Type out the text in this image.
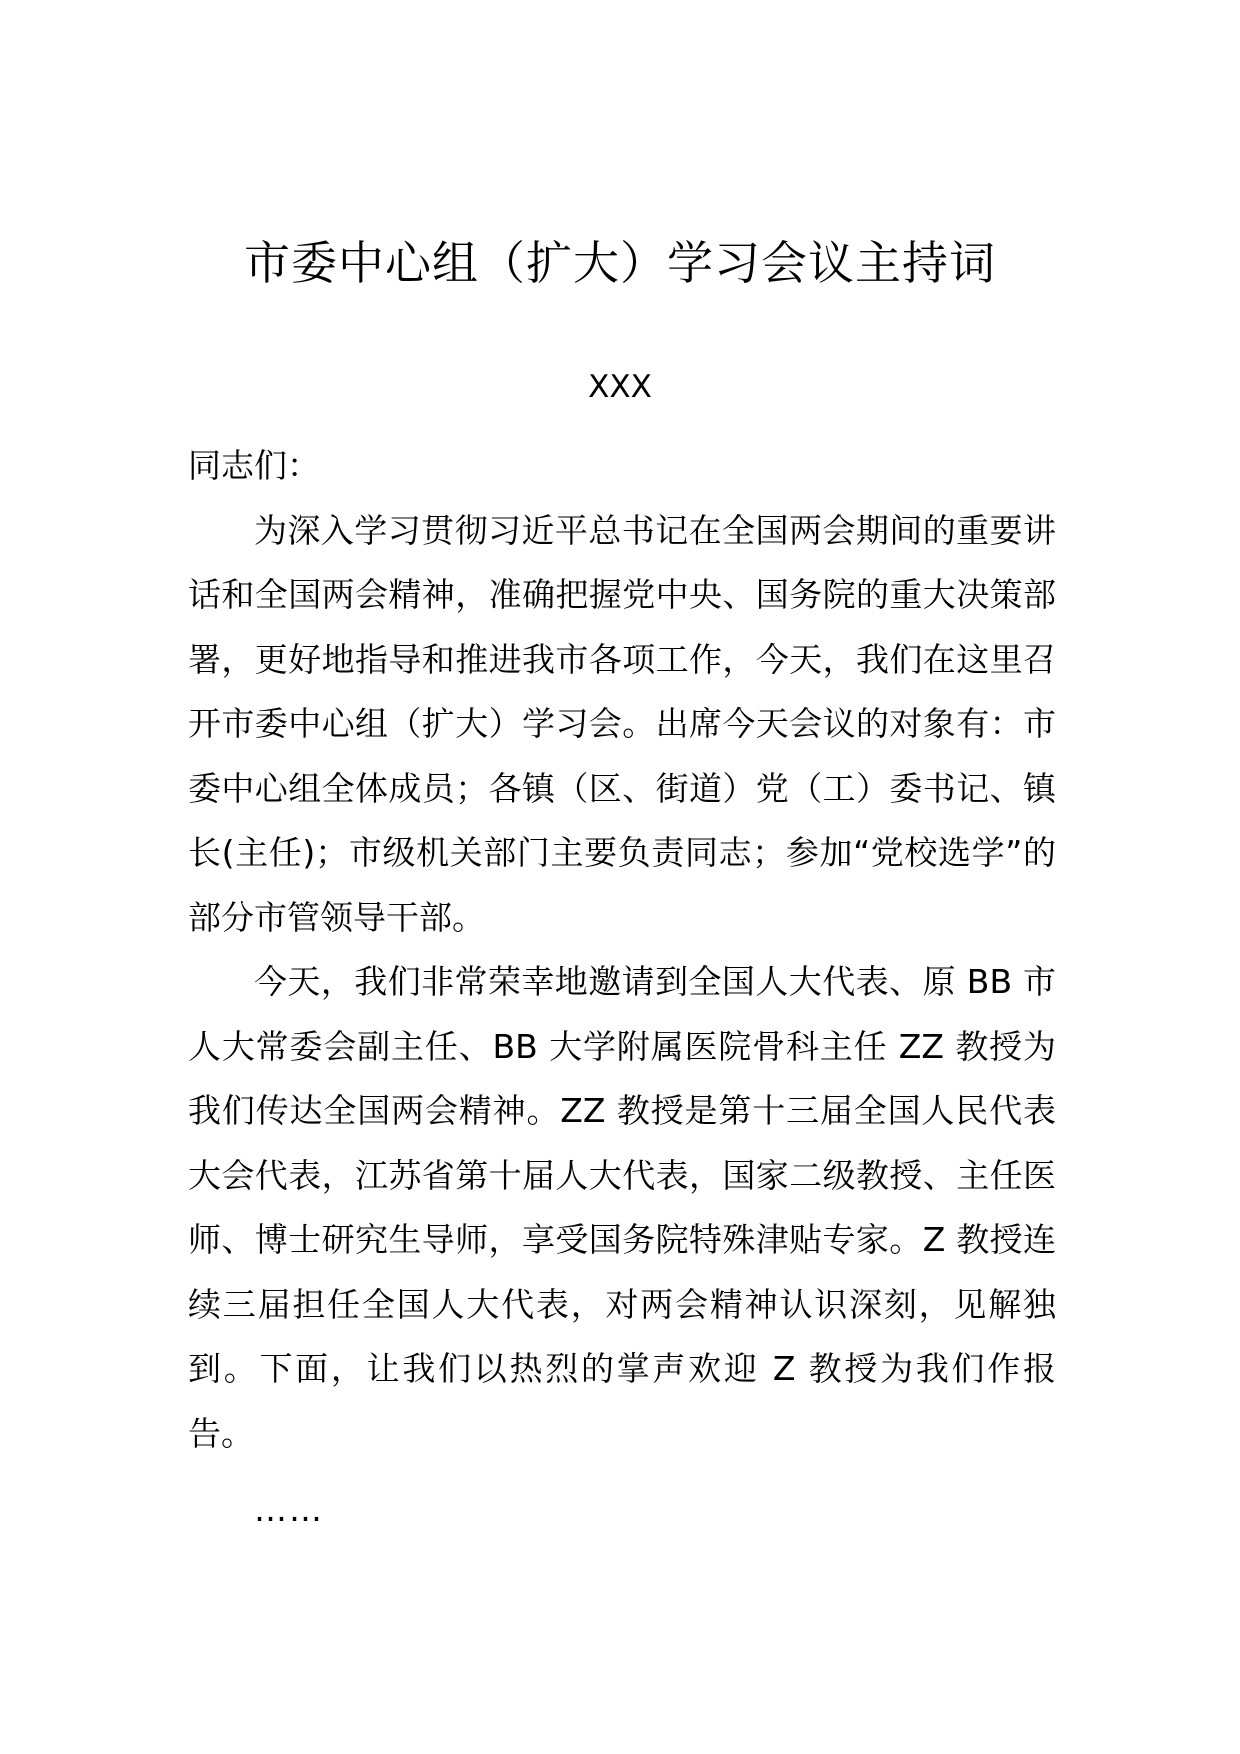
市委中心组（扩大）学习会议主持词
XXX

同志们：

为深入学习贯彻习近平总书记在全国两会期间的重要讲话和全国两会精神，准确把握党中央、国务院的重大决策部署，更好地指导和推进我市各项工作，今天，我们在这里召开市委中心组（扩大）学习会。出席今天会议的对象有：市委中心组全体成员；各镇（区、街道）党（工）委书记、镇长(主任)；市级机关部门主要负责同志；参加“党校选学”的部分市管领导干部。

今天，我们非常荣幸地邀请到全国人大代表、原 BB 市人大常委会副主任、BB 大学附属医院骨科主任 ZZ 教授为我们传达全国两会精神。ZZ 教授是第十三届全国人民代表大会代表，江苏省第十届人大代表，国家二级教授、主任医师、博士研究生导师，享受国务院特殊津贴专家。Z 教授连续三届担任全国人大代表，对两会精神认识深刻，见解独到。下面，让我们以热烈的掌声欢迎 Z 教授为我们作报告。

……
